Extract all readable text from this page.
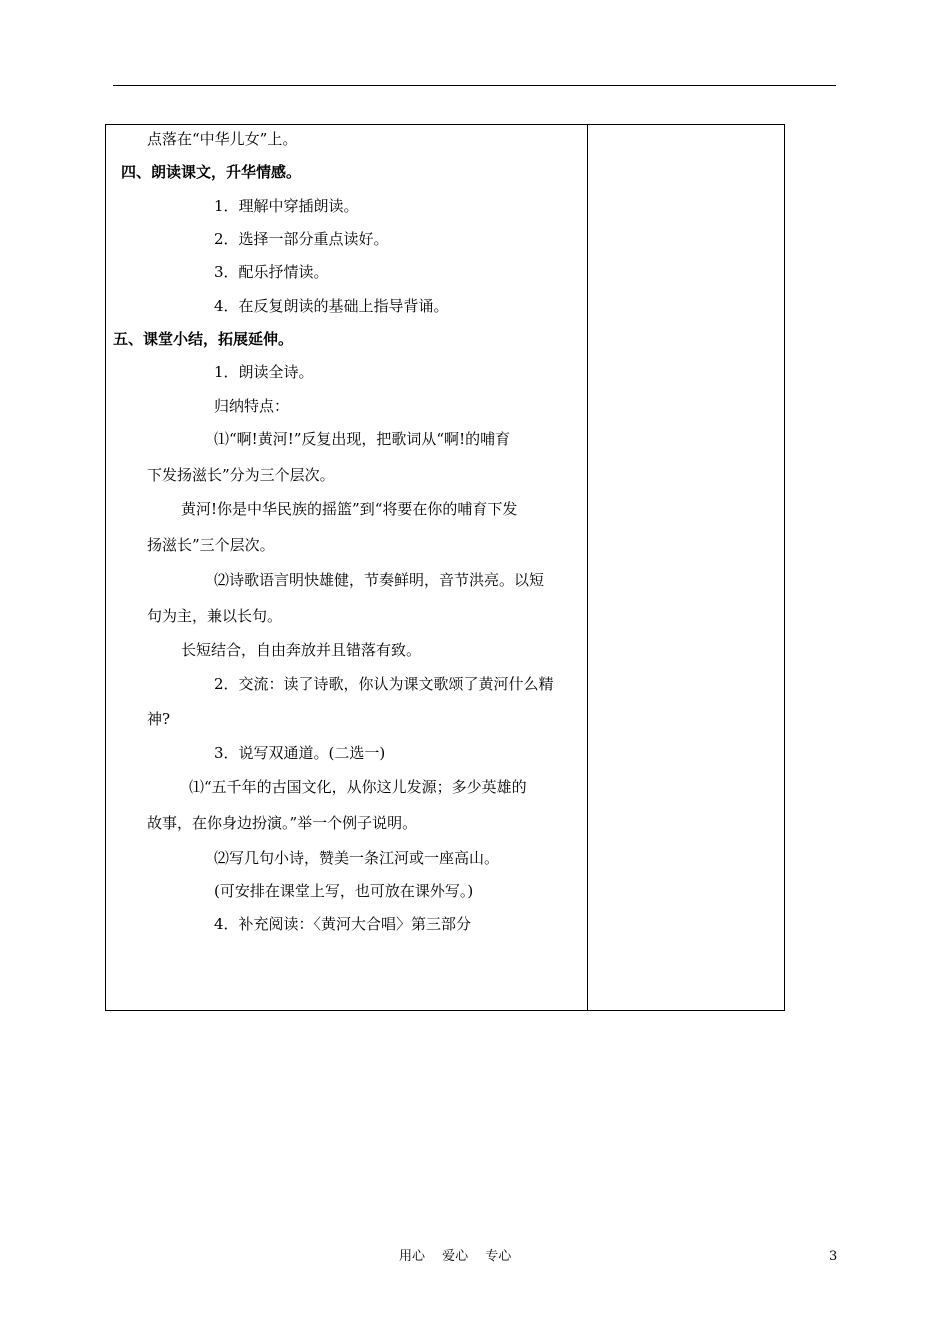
点落在“中华儿女”上。
四、朗读课文，升华情感。
1．理解中穿插朗读。
2．选择一部分重点读好。
3．配乐抒情读。
4．在反复朗读的基础上指导背诵。
五、课堂小结，拓展延伸。
1．朗读全诗。
归纳特点：
⑴“啊!黄河!”反复出现，把歌词从“啊!的哺育
下发扬滋长”分为三个层次。
黄河!你是中华民族的摇篮”到“将要在你的哺育下发
扬滋长”三个层次。
⑵诗歌语言明快雄健，节奏鲜明，音节洪亮。以短
句为主，兼以长句。
长短结合，自由奔放并且错落有致。
2．交流：读了诗歌，你认为课文歌颂了黄河什么精
神?
3．说写双通道。(二选一)
⑴“五千年的古国文化，从你这儿发源；多少英雄的
故事，在你身边扮演。”举一个例子说明。
⑵写几句小诗，赞美一条江河或一座高山。
(可安排在课堂上写，也可放在课外写。)
4．补充阅读：〈黄河大合唱〉第三部分
用心　 爱心　 专心	3
